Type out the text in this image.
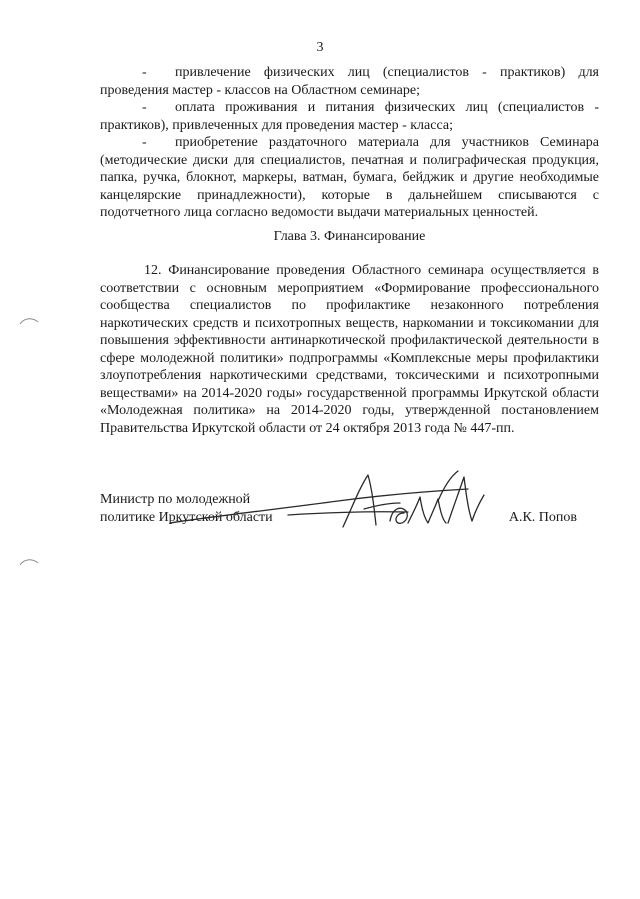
3

- привлечение физических лиц (специалистов - практиков) для проведения мастер - классов на Областном семинаре;

- оплата проживания и питания физических лиц (специалистов - практиков), привлеченных для проведения мастер - класса;

- приобретение раздаточного материала для участников Семинара (методические диски для специалистов, печатная и полиграфическая продукция, папка, ручка, блокнот, маркеры, ватман, бумага, бейджик и другие необходимые канцелярские принадлежности), которые в дальнейшем списываются с подотчетного лица согласно ведомости выдачи материальных ценностей.

Глава 3. Финансирование

12. Финансирование проведения Областного семинара осуществляется в соответствии с основным мероприятием «Формирование профессионального сообщества специалистов по профилактике незаконного потребления наркотических средств и психотропных веществ, наркомании и токсикомании для повышения эффективности антинаркотической профилактической деятельности в сфере молодежной политики» подпрограммы «Комплексные меры профилактики злоупотребления наркотическими средствами, токсическими и психотропными веществами» на 2014-2020 годы» государственной программы Иркутской области «Молодежная политика» на 2014-2020 годы, утвержденной постановлением Правительства Иркутской области от 24 октября 2013 года № 447-пп.

Министр по молодежной
политике Иркутской области	А.К. Попов
